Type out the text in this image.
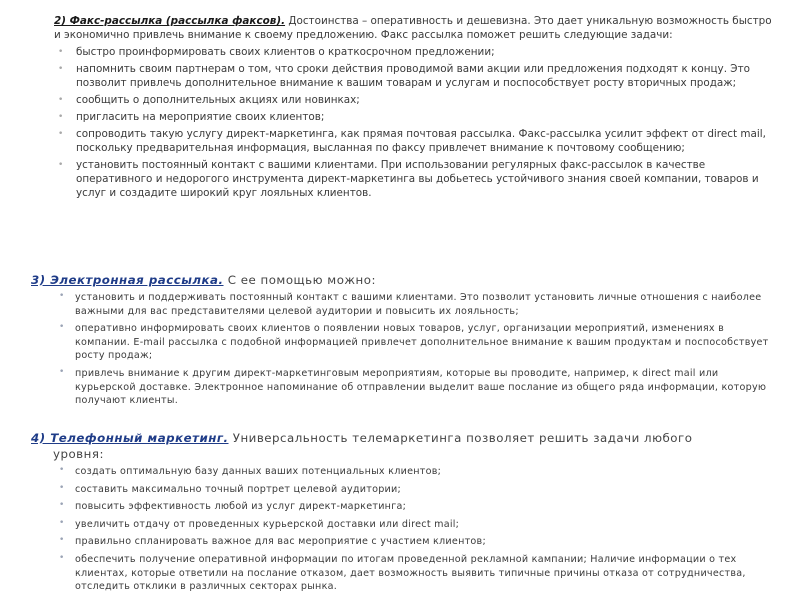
2) Факс-рассылка (рассылка факсов). Достоинства – оперативность и дешевизна. Это дает уникальную возможность быстро и экономично привлечь внимание к своему предложению. Факс рассылка поможет решить следующие задачи:

• быстро проинформировать своих клиентов о краткосрочном предложении;
• напомнить своим партнерам о том, что сроки действия проводимой вами акции или предложения подходят к концу. Это позволит привлечь дополнительное внимание к вашим товарам и услугам и поспособствует росту вторичных продаж;
• сообщить о дополнительных акциях или новинках;
• пригласить на мероприятие своих клиентов;
• сопроводить такую услугу директ-маркетинга, как прямая почтовая рассылка. Факс-рассылка усилит эффект от direct mail, поскольку предварительная информация, высланная по факсу привлечет внимание к почтовому сообщению;
• установить постоянный контакт с вашими клиентами. При использовании регулярных факс-рассылок в качестве оперативного и недорогого инструмента директ-маркетинга вы добьетесь устойчивого знания своей компании, товаров и услуг и создадите широкий круг лояльных клиентов.

3) Электронная рассылка. С ее помощью можно:

• установить и поддерживать постоянный контакт с вашими клиентами. Это позволит установить личные отношения с наиболее важными для вас представителями целевой аудитории и повысить их лояльность;
• оперативно информировать своих клиентов о появлении новых товаров, услуг, организации мероприятий, изменениях в компании. E-mail рассылка с подобной информацией привлечет дополнительное внимание к вашим продуктам и поспособствует росту продаж;
• привлечь внимание к другим директ-маркетинговым мероприятиям, которые вы проводите, например, к direct mail или курьерской доставке. Электронное напоминание об отправлении выделит ваше послание из общего ряда информации, которую получают клиенты.

4) Телефонный маркетинг. Универсальность телемаркетинга позволяет решить задачи любого
уровня:

• создать оптимальную базу данных ваших потенциальных клиентов;
• составить максимально точный портрет целевой аудитории;
• повысить эффективность любой из услуг директ-маркетинга;
• увеличить отдачу от проведенных курьерской доставки или direct mail;
• правильно спланировать важное для вас мероприятие с участием клиентов;
• обеспечить получение оперативной информации по итогам проведенной рекламной кампании; Наличие информации о тех клиентах, которые ответили на послание отказом, дает возможность выявить типичные причины отказа от сотрудничества, отследить отклики в различных секторах рынка.
